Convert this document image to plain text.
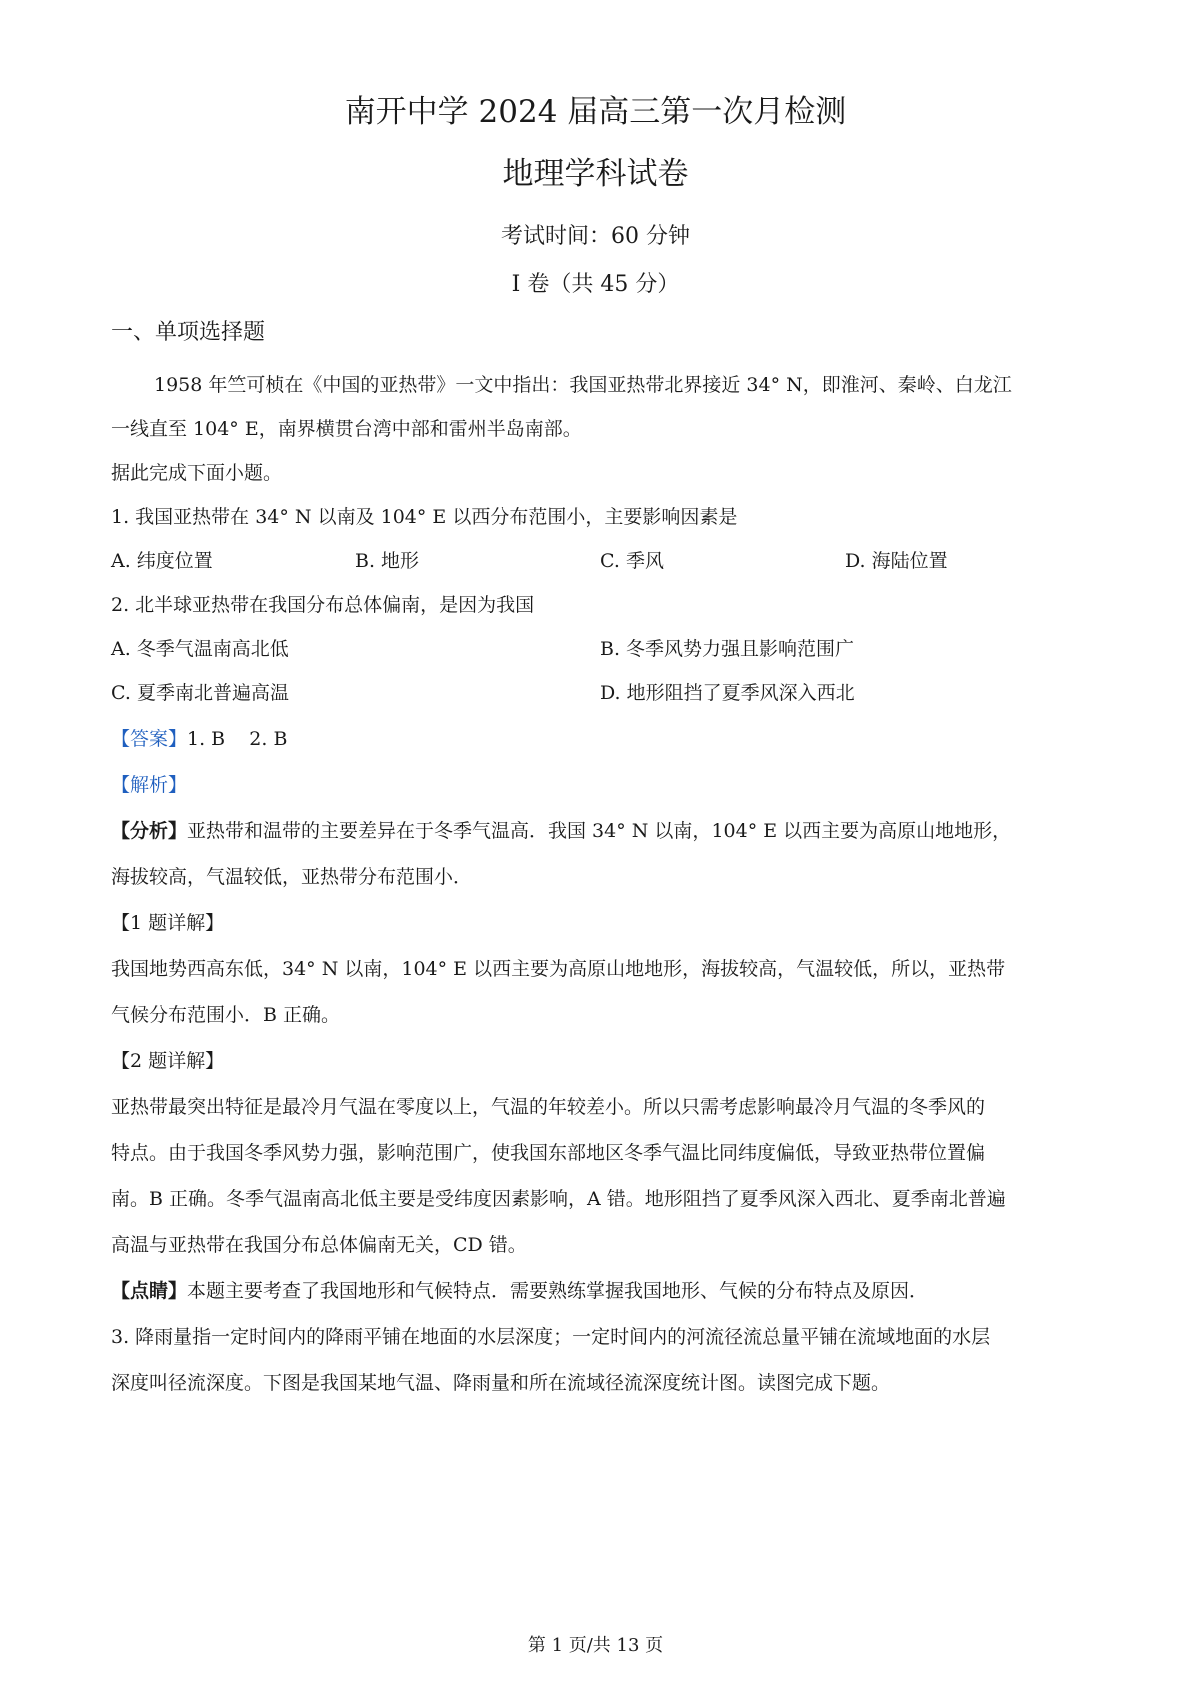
南开中学 2024 届高三第一次月检测
地理学科试卷
考试时间：60 分钟
I 卷（共 45 分）
一、单项选择题
1958 年竺可桢在《中国的亚热带》一文中指出：我国亚热带北界接近 34° N，即淮河、秦岭、白龙江
一线直至 104° E，南界横贯台湾中部和雷州半岛南部。
据此完成下面小题。
1. 我国亚热带在 34° N 以南及 104° E 以西分布范围小，主要影响因素是
A. 纬度位置	B. 地形	C. 季风	D. 海陆位置
2. 北半球亚热带在我国分布总体偏南，是因为我国
A. 冬季气温南高北低	B. 冬季风势力强且影响范围广
C. 夏季南北普遍高温	D. 地形阻挡了夏季风深入西北
【答案】1. B    2. B
【解析】
【分析】亚热带和温带的主要差异在于冬季气温高．我国 34° N 以南，104° E 以西主要为高原山地地形，
海拔较高，气温较低，亚热带分布范围小．
【1 题详解】
我国地势西高东低，34° N 以南，104° E 以西主要为高原山地地形，海拔较高，气温较低，所以，亚热带
气候分布范围小．B 正确。
【2 题详解】
亚热带最突出特征是最冷月气温在零度以上，气温的年较差小。所以只需考虑影响最冷月气温的冬季风的
特点。由于我国冬季风势力强，影响范围广，使我国东部地区冬季气温比同纬度偏低，导致亚热带位置偏
南。B 正确。冬季气温南高北低主要是受纬度因素影响，A 错。地形阻挡了夏季风深入西北、夏季南北普遍
高温与亚热带在我国分布总体偏南无关，CD 错。
【点睛】本题主要考查了我国地形和气候特点．需要熟练掌握我国地形、气候的分布特点及原因．
3. 降雨量指一定时间内的降雨平铺在地面的水层深度；一定时间内的河流径流总量平铺在流域地面的水层
深度叫径流深度。下图是我国某地气温、降雨量和所在流域径流深度统计图。读图完成下题。
第 1 页/共 13 页
